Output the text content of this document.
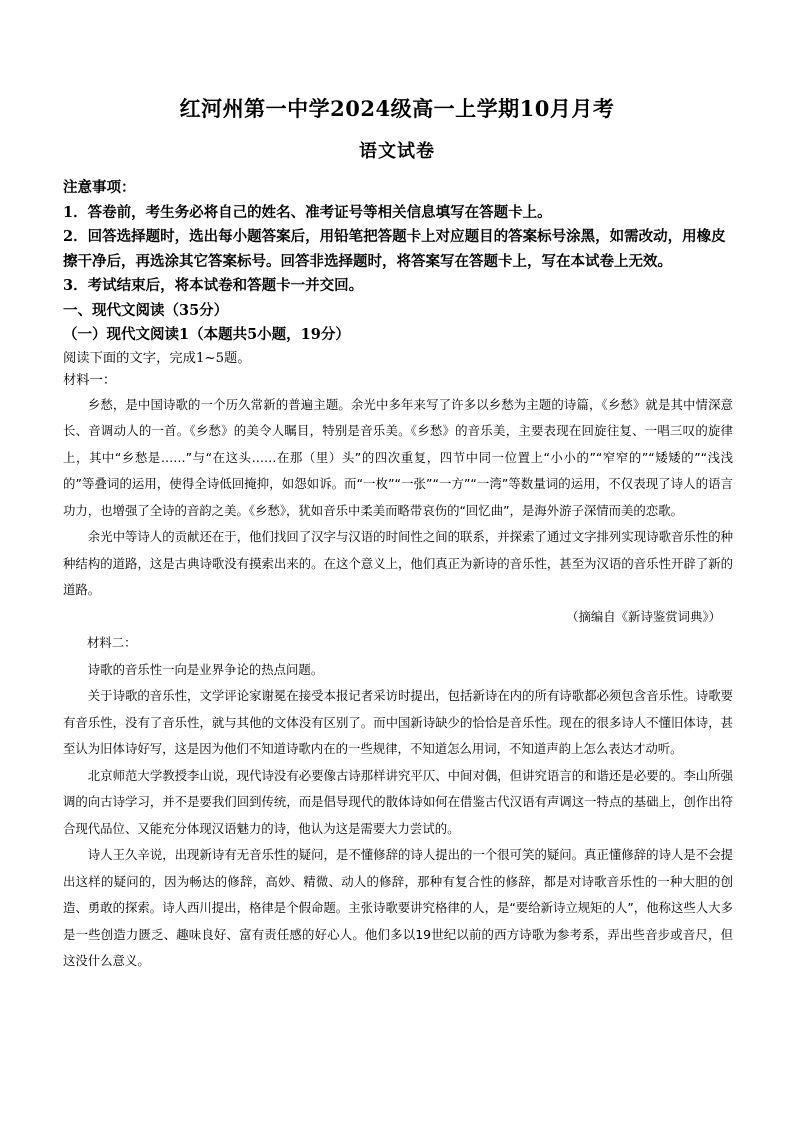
红河州第一中学2024级高一上学期10月月考
语文试卷

注意事项：

1．答卷前，考生务必将自己的姓名、准考证号等相关信息填写在答题卡上。

2．回答选择题时，选出每小题答案后，用铅笔把答题卡上对应题目的答案标号涂黑，如需改动，用橡皮擦干净后，再选涂其它答案标号。回答非选择题时，将答案写在答题卡上，写在本试卷上无效。

3．考试结束后，将本试卷和答题卡一并交回。

一、现代文阅读（35分）

（一）现代文阅读1（本题共5小题，19分）

阅读下面的文字，完成1~5题。

材料一：

乡愁，是中国诗歌的一个历久常新的普遍主题。余光中多年来写了许多以乡愁为主题的诗篇，《乡愁》就是其中情深意长、音调动人的一首。《乡愁》的美令人瞩目，特别是音乐美。《乡愁》的音乐美，主要表现在回旋往复、一唱三叹的旋律上，其中“乡愁是……”与“在这头……在那（里）头”的四次重复，四节中同一位置上“小小的”“窄窄的”“矮矮的”“浅浅的”等叠词的运用，使得全诗低回掩抑，如怨如诉。而“一枚”“一张”“一方”“一湾”等数量词的运用，不仅表现了诗人的语言功力，也增强了全诗的音韵之美。《乡愁》，犹如音乐中柔美而略带哀伤的“回忆曲”，是海外游子深情而美的恋歌。

余光中等诗人的贡献还在于，他们找回了汉字与汉语的时间性之间的联系，并探索了通过文字排列实现诗歌音乐性的种种结构的道路，这是古典诗歌没有摸索出来的。在这个意义上，他们真正为新诗的音乐性，甚至为汉语的音乐性开辟了新的道路。

（摘编自《新诗鉴赏词典》）

材料二：

诗歌的音乐性一向是业界争论的热点问题。

关于诗歌的音乐性，文学评论家谢冕在接受本报记者采访时提出，包括新诗在内的所有诗歌都必须包含音乐性。诗歌要有音乐性，没有了音乐性，就与其他的文体没有区别了。而中国新诗缺少的恰恰是音乐性。现在的很多诗人不懂旧体诗，甚至认为旧体诗好写，这是因为他们不知道诗歌内在的一些规律，不知道怎么用词，不知道声韵上怎么表达才动听。

北京师范大学教授李山说，现代诗没有必要像古诗那样讲究平仄、中间对偶，但讲究语言的和谐还是必要的。李山所强调的向古诗学习，并不是要我们回到传统，而是倡导现代的散体诗如何在借鉴古代汉语有声调这一特点的基础上，创作出符合现代品位、又能充分体现汉语魅力的诗，他认为这是需要大力尝试的。

诗人王久辛说，出现新诗有无音乐性的疑问，是不懂修辞的诗人提出的一个很可笑的疑问。真正懂修辞的诗人是不会提出这样的疑问的，因为畅达的修辞，高妙、精微、动人的修辞，那种有复合性的修辞，都是对诗歌音乐性的一种大胆的创造、勇敢的探索。诗人西川提出，格律是个假命题。主张诗歌要讲究格律的人，是“要给新诗立规矩的人”，他称这些人大多是一些创造力匮乏、趣味良好、富有责任感的好心人。他们多以19世纪以前的西方诗歌为参考系，弄出些音步或音尺，但这没什么意义。
